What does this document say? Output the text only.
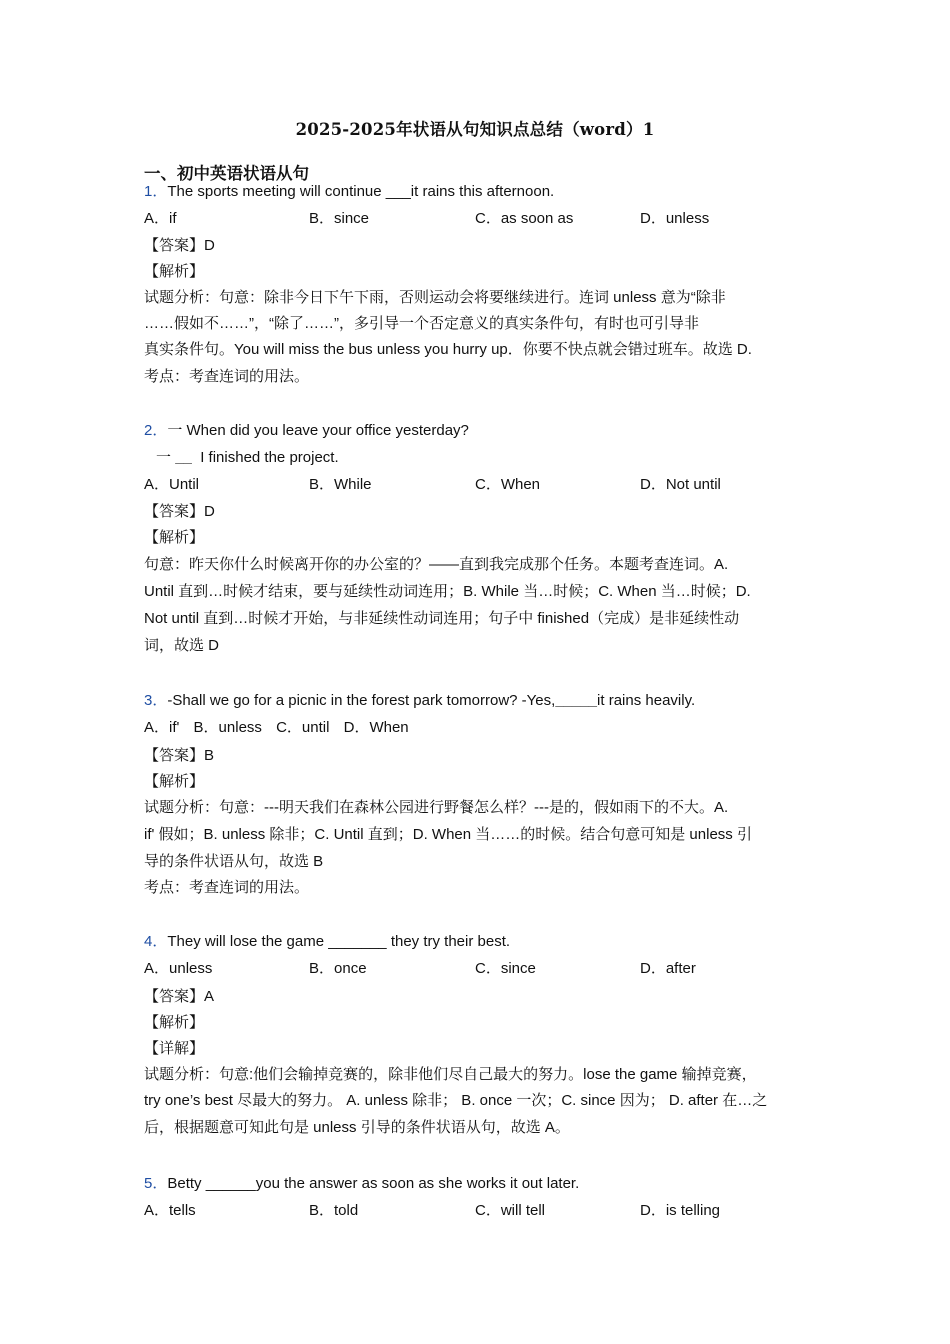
2025-2025年状语从句知识点总结（word）1
一、初中英语状语从句
1．The sports meeting will continue ___it rains this afternoon.
A．if	B．since	C．as soon as	D．unless
【答案】D
【解析】
试题分析：句意：除非今日下午下雨，否则运动会将要继续进行。连词 unless 意为“除非
……假如不……”，“除了……”，多引导一个否定意义的真实条件句，有时也可引导非
真实条件句。You will miss the bus unless you hurry up．你要不快点就会错过班车。故选 D.
考点：考查连词的用法。
2．一 When did you leave your office yesterday?
一 __ I finished the project.
A．Until	B．While	C．When	D．Not until
【答案】D
【解析】
句意：昨天你什么时候离开你的办公室的？——直到我完成那个任务。本题考查连词。A.
Until 直到…时候才结束，要与延续性动词连用；B. While 当…时候；C. When 当…时候；D.
Not until 直到…时候才开始，与非延续性动词连用；句子中 finished（完成）是非延续性动
词，故选 D
3．-Shall we go for a picnic in the forest park tomorrow? -Yes,_____it rains heavily.
A．if' B．unless C．until D．When
【答案】B
【解析】
试题分析：句意：---明天我们在森林公园进行野餐怎么样？---是的，假如雨下的不大。A.
if' 假如；B. unless 除非；C. Until 直到；D. When 当……的时候。结合句意可知是 unless 引
导的条件状语从句，故选 B
考点：考查连词的用法。
4．They will lose the game _______ they try their best.
A．unless	B．once	C．since	D．after
【答案】A
【解析】
【详解】
试题分析：句意:他们会输掉竞赛的，除非他们尽自己最大的努力。lose the game 输掉竞赛，
try one’s best 尽最大的努力。 A. unless 除非； B. once 一次；C. since 因为； D. after 在…之
后，根据题意可知此句是 unless 引导的条件状语从句，故选 A。
5．Betty ______you the answer as soon as she works it out later.
A．tells	B．told	C．will tell	D．is telling
